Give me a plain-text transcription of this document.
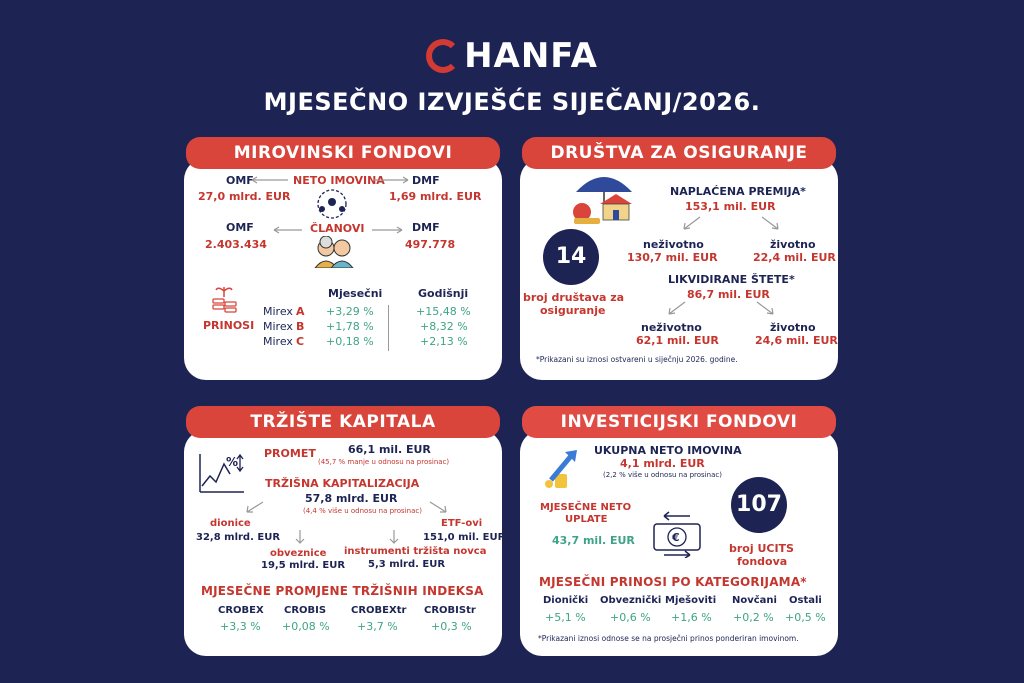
HANFA
MJESEČNO IZVJEŠĆE SIJEČANJ/2026.
MIROVINSKI FONDOVI
OMF
27,0 mlrd. EUR
NETO IMOVINA DMF
1,69 mlrd. EUR
OMF
2.403.434
ČLANOVI	DMF
497.778
PRINOSI
Mjesečni	Godišnji
Mirex A +3,29 %	+15,48 %
Mirex B +1,78 %	+8,32 %
Mirex C +0,18 %	+2,13 %
DRUŠTVA ZA OSIGURANJE
NAPLAĆENA PREMIJA*
153,1 mil. EUR
14
broj društava za
osiguranje
neživotno
130,7 mil. EUR
životno
22,4 mil. EUR
LIKVIDIRANE ŠTETE*
86,7 mil. EUR
neživotno
62,1 mil. EUR
životno
24,6 mil. EUR
*Prikazani su iznosi ostvareni u siječnju 2026. godine.
TRŽIŠTE KAPITALA
%
PROMET	66,1 mil. EUR
(45,7 % manje u odnosu na prosinac)
TRŽIŠNA KAPITALIZACIJA
57,8 mlrd. EUR
(4,4 % više u odnosu na prosinac)
dionice
32,8 mlrd. EUR
ETF-ovi
151,0 mil. EUR
obveznice
19,5 mlrd. EUR
instrumenti tržišta novca
5,3 mlrd. EUR
MJESEČNE PROMJENE TRŽIŠNIH INDEKSA
CROBEX
+3,3 %
CROBIS
+0,08 %
CROBEXtr
+3,7 %
CROBIStr
+0,3 %
INVESTICIJSKI FONDOVI
UKUPNA NETO IMOVINA
4,1 mlrd. EUR
(2,2 % više u odnosu na prosinac)
MJESEČNE NETO
UPLATE
43,7 mil. EUR	€
107
broj UCITS
fondova
MJESEČNI PRINOSI PO KATEGORIJAMA*
Dionički
+5,1 %
Obveznički
+0,6 %
Mješoviti
+1,6 %
Novčani
+0,2 %
Ostali
+0,5 %
*Prikazani iznosi odnose se na prosječni prinos ponderiran imovinom.
